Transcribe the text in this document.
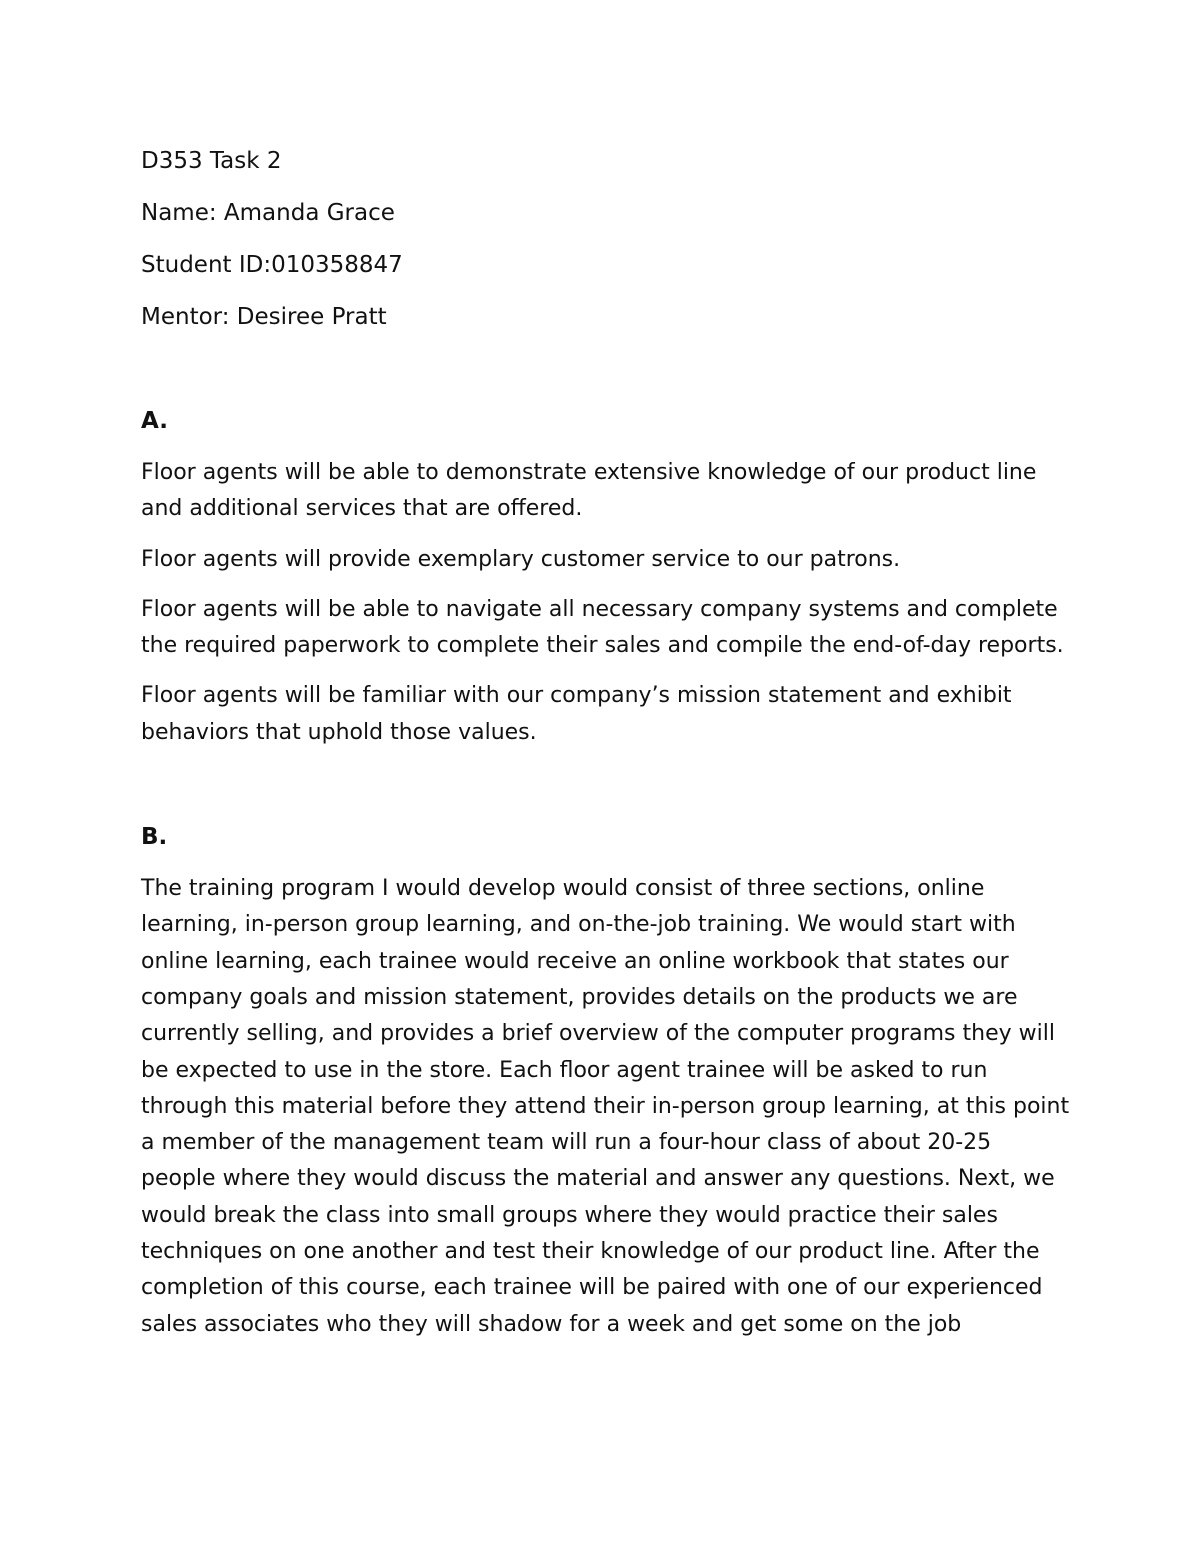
D353 Task 2

Name: Amanda Grace

Student ID:010358847

Mentor: Desiree Pratt

A.

Floor agents will be able to demonstrate extensive knowledge of our product line and additional services that are offered.

Floor agents will provide exemplary customer service to our patrons.

Floor agents will be able to navigate all necessary company systems and complete the required paperwork to complete their sales and compile the end-of-day reports.

Floor agents will be familiar with our company’s mission statement and exhibit behaviors that uphold those values.

B.

The training program I would develop would consist of three sections, online learning, in-person group learning, and on-the-job training. We would start with online learning, each trainee would receive an online workbook that states our company goals and mission statement, provides details on the products we are currently selling, and provides a brief overview of the computer programs they will be expected to use in the store. Each floor agent trainee will be asked to run through this material before they attend their in-person group learning, at this point a member of the management team will run a four-hour class of about 20-25 people where they would discuss the material and answer any questions. Next, we would break the class into small groups where they would practice their sales techniques on one another and test their knowledge of our product line. After the completion of this course, each trainee will be paired with one of our experienced sales associates who they will shadow for a week and get some on the job
